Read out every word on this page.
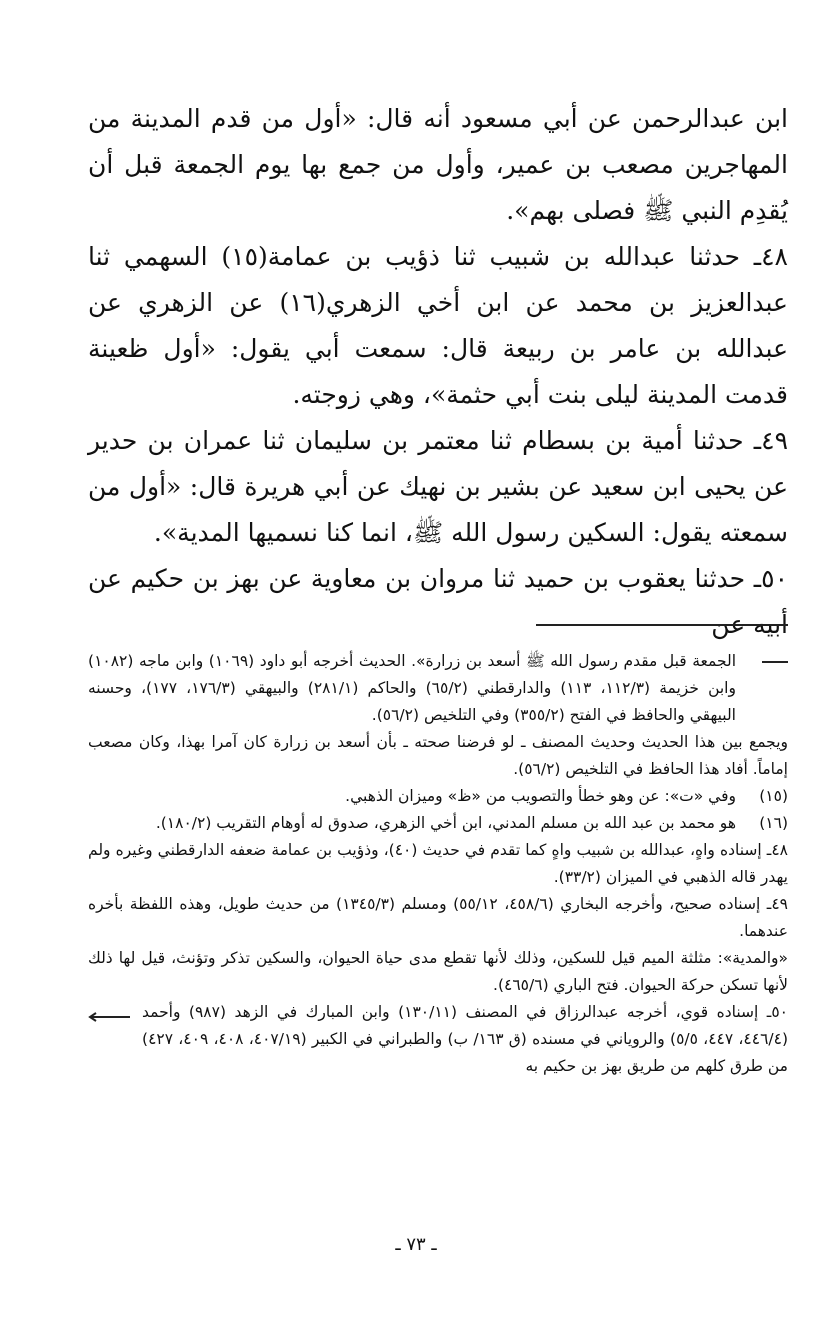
ابن عبدالرحمن عن أبي مسعود أنه قال: «أول من قدم المدينة من المهاجرين مصعب بن عمير، وأول من جمع بها يوم الجمعة قبل أن يُقدِم النبي ﷺ فصلى بهم».

٤٨ـ حدثنا عبدالله بن شبيب ثنا ذؤيب بن عمامة(١٥) السهمي ثنا عبدالعزيز بن محمد عن ابن أخي الزهري(١٦) عن الزهري عن عبدالله بن عامر بن ربيعة قال: سمعت أبي يقول: «أول ظعينة قدمت المدينة ليلى بنت أبي حثمة»، وهي زوجته.

٤٩ـ حدثنا أمية بن بسطام ثنا معتمر بن سليمان ثنا عمران بن حدير عن يحيى ابن سعيد عن بشير بن نهيك عن أبي هريرة قال: «أول من سمعته يقول: السكين رسول الله ﷺ، انما كنا نسميها المدية».

٥٠ـ حدثنا يعقوب بن حميد ثنا مروان بن معاوية عن بهز بن حكيم عن أبيه عن

الجمعة قبل مقدم رسول الله ﷺ أسعد بن زرارة». الحديث أخرجه أبو داود (١٠٦٩) وابن ماجه (١٠٨٢) وابن خزيمة (١١٢/٣، ١١٣) والدارقطني (٦٥/٢) والحاكم (٢٨١/١) والبيهقي (١٧٦/٣، ١٧٧)، وحسنه البيهقي والحافظ في الفتح (٣٥٥/٢) وفي التلخيص (٥٦/٢).

ويجمع بين هذا الحديث وحديث المصنف ـ لو فرضنا صحته ـ بأن أسعد بن زرارة كان آمرا بهذا، وكان مصعب إماماً. أفاد هذا الحافظ في التلخيص (٥٦/٢).

(١٥)
وفي «ت»: عن وهو خطأ والتصويب من «ظ» وميزان الذهبي.

(١٦)
هو محمد بن عبد الله بن مسلم المدني، ابن أخي الزهري، صدوق له أوهام التقريب (١٨٠/٢).

٤٨ـ إسناده واهٍ، عبدالله بن شبيب واهٍ كما تقدم في حديث (٤٠)، وذؤيب بن عمامة ضعفه الدارقطني وغيره ولم يهدر قاله الذهبي في الميزان (٣٣/٢).

٤٩ـ إسناده صحيح، وأخرجه البخاري (٤٥٨/٦، ٥٥/١٢) ومسلم (١٣٤٥/٣) من حديث طويل، وهذه اللفظة بأخره عندهما.

«والمدية»: مثلثة الميم قيل للسكين، وذلك لأنها تقطع مدى حياة الحيوان، والسكين تذكر وتؤنث، قيل لها ذلك لأنها تسكن حركة الحيوان. فتح الباري (٤٦٥/٦).

٥٠ـ إسناده قوي، أخرجه عبدالرزاق في المصنف (١٣٠/١١) وابن المبارك في الزهد (٩٨٧) وأحمد (٤٤٦/٤، ٤٤٧، ٥/٥) والروياني في مسنده (ق ١٦٣/ ب) والطبراني في الكبير (٤٠٧/١٩، ٤٠٨، ٤٠٩، ٤٢٧) من طرق كلهم من طريق بهز بن حكيم به

ـ ٧٣ ـ
